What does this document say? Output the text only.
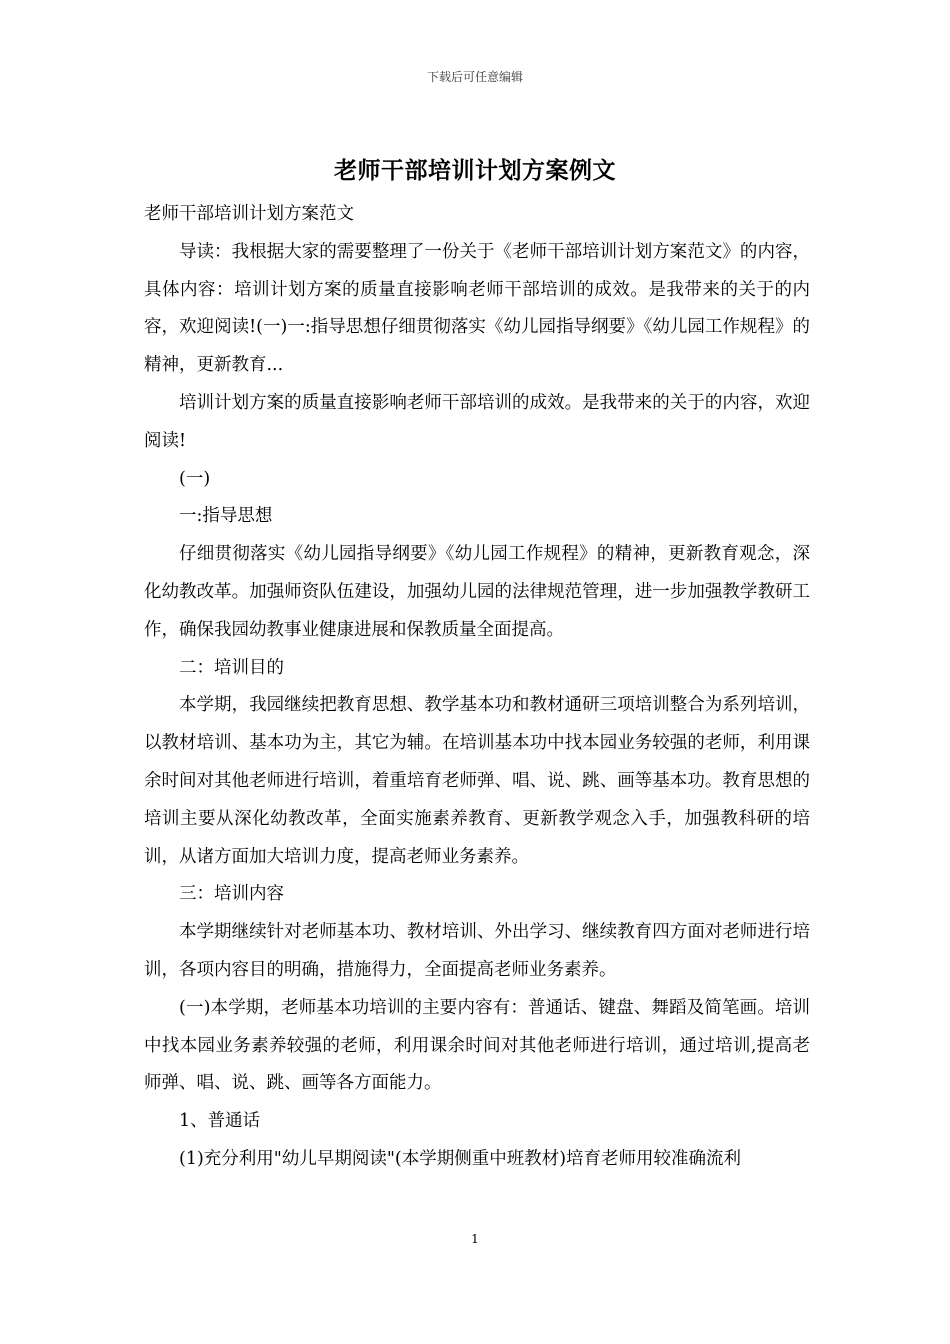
下载后可任意编辑
老师干部培训计划方案例文

老师干部培训计划方案范文

导读：我根据大家的需要整理了一份关于《老师干部培训计划方案范文》的内容，具体内容：培训计划方案的质量直接影响老师干部培训的成效。是我带来的关于的内容，欢迎阅读!(一)一:指导思想仔细贯彻落实《幼儿园指导纲要》《幼儿园工作规程》的精神，更新教育...

培训计划方案的质量直接影响老师干部培训的成效。是我带来的关于的内容，欢迎阅读!

(一)

一:指导思想

仔细贯彻落实《幼儿园指导纲要》《幼儿园工作规程》的精神，更新教育观念，深化幼教改革。加强师资队伍建设，加强幼儿园的法律规范管理，进一步加强教学教研工作，确保我园幼教事业健康进展和保教质量全面提高。

二：培训目的

本学期，我园继续把教育思想、教学基本功和教材通研三项培训整合为系列培训，以教材培训、基本功为主，其它为辅。在培训基本功中找本园业务较强的老师，利用课余时间对其他老师进行培训，着重培育老师弹、唱、说、跳、画等基本功。教育思想的培训主要从深化幼教改革，全面实施素养教育、更新教学观念入手，加强教科研的培训，从诸方面加大培训力度，提高老师业务素养。

三：培训内容

本学期继续针对老师基本功、教材培训、外出学习、继续教育四方面对老师进行培训，各项内容目的明确，措施得力，全面提高老师业务素养。

(一)本学期，老师基本功培训的主要内容有：普通话、键盘、舞蹈及简笔画。培训中找本园业务素养较强的老师，利用课余时间对其他老师进行培训，通过培训,提高老师弹、唱、说、跳、画等各方面能力。

1、普通话

(1)充分利用"幼儿早期阅读"(本学期侧重中班教材)培育老师用较准确流利

1
